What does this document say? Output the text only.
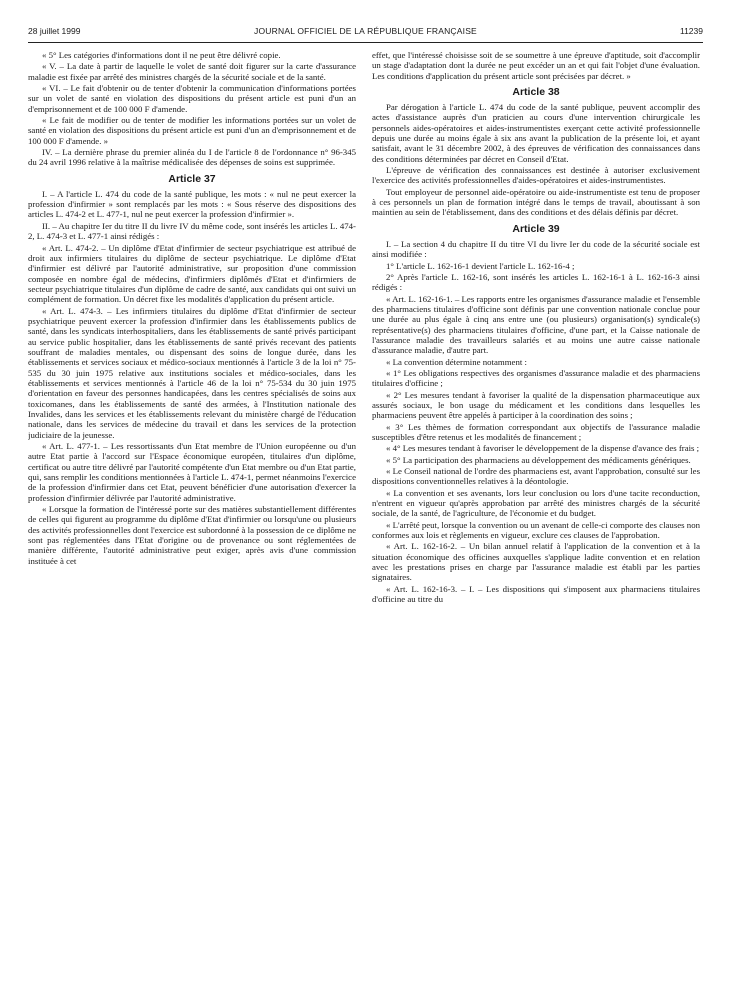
28 juillet 1999	JOURNAL OFFICIEL DE LA RÉPUBLIQUE FRANÇAISE	11239

« 5° Les catégories d'informations dont il ne peut être délivré copie.

« V. – La date à partir de laquelle le volet de santé doit figurer sur la carte d'assurance maladie est fixée par arrêté des ministres chargés de la sécurité sociale et de la santé.

« VI. – Le fait d'obtenir ou de tenter d'obtenir la communication d'informations portées sur un volet de santé en violation des dispositions du présent article est puni d'un an d'emprisonnement et de 100 000 F d'amende.

« Le fait de modifier ou de tenter de modifier les informations portées sur un volet de santé en violation des dispositions du présent article est puni d'un an d'emprisonnement et de 100 000 F d'amende. »

IV. – La dernière phrase du premier alinéa du I de l'article 8 de l'ordonnance n° 96-345 du 24 avril 1996 relative à la maîtrise médicalisée des dépenses de soins est supprimée.

Article 37

I. – A l'article L. 474 du code de la santé publique, les mots : « nul ne peut exercer la profession d'infirmier » sont remplacés par les mots : « Sous réserve des dispositions des articles L. 474-2 et L. 477-1, nul ne peut exercer la profession d'infirmier ».

II. – Au chapitre Ier du titre II du livre IV du même code, sont insérés les articles L. 474-2, L. 474-3 et L. 477-1 ainsi rédigés :

« Art. L. 474-2. – Un diplôme d'Etat d'infirmier de secteur psychiatrique est attribué de droit aux infirmiers titulaires du diplôme de secteur psychiatrique. Le diplôme d'Etat d'infirmier est délivré par l'autorité administrative, sur proposition d'une commission composée en nombre égal de médecins, d'infirmiers diplômés d'Etat et d'infirmiers de secteur psychiatrique titulaires d'un diplôme de cadre de santé, aux candidats qui ont suivi un complément de formation. Un décret fixe les modalités d'application du présent article.

« Art. L. 474-3. – Les infirmiers titulaires du diplôme d'Etat d'infirmier de secteur psychiatrique peuvent exercer la profession d'infirmier dans les établissements publics de santé, dans les syndicats interhospitaliers, dans les établissements de santé privés participant au service public hospitalier, dans les établissements de santé privés recevant des patients souffrant de maladies mentales, ou dispensant des soins de longue durée, dans les établissements et services sociaux et médico-sociaux mentionnés à l'article 3 de la loi n° 75-535 du 30 juin 1975 relative aux institutions sociales et médico-sociales, dans les établissements et services mentionnés à l'article 46 de la loi n° 75-534 du 30 juin 1975 d'orientation en faveur des personnes handicapées, dans les centres spécialisés de soins aux toxicomanes, dans les établissements de santé des armées, à l'Institution nationale des Invalides, dans les services et les établissements relevant du ministère chargé de l'éducation nationale, dans les services de médecine du travail et dans les services de la protection judiciaire de la jeunesse.

« Art. L. 477-1. – Les ressortissants d'un Etat membre de l'Union européenne ou d'un autre Etat partie à l'accord sur l'Espace économique européen, titulaires d'un diplôme, certificat ou autre titre délivré par l'autorité compétente d'un Etat membre ou d'un Etat partie, qui, sans remplir les conditions mentionnées à l'article L. 474-1, permet néanmoins l'exercice de la profession d'infirmier dans cet Etat, peuvent bénéficier d'une autorisation d'exercer la profession d'infirmier délivrée par l'autorité administrative.

« Lorsque la formation de l'intéressé porte sur des matières substantiellement différentes de celles qui figurent au programme du diplôme d'Etat d'infirmier ou lorsqu'une ou plusieurs des activités professionnelles dont l'exercice est subordonné à la possession de ce diplôme ne sont pas réglementées dans l'Etat d'origine ou de provenance ou sont réglementées de manière différente, l'autorité administrative peut exiger, après avis d'une commission instituée à cet

effet, que l'intéressé choisisse soit de se soumettre à une épreuve d'aptitude, soit d'accomplir un stage d'adaptation dont la durée ne peut excéder un an et qui fait l'objet d'une évaluation. Les conditions d'application du présent article sont précisées par décret. »

Article 38

Par dérogation à l'article L. 474 du code de la santé publique, peuvent accomplir des actes d'assistance auprès d'un praticien au cours d'une intervention chirurgicale les personnels aides-opératoires et aides-instrumentistes exerçant cette activité professionnelle depuis une durée au moins égale à six ans avant la publication de la présente loi, et ayant satisfait, avant le 31 décembre 2002, à des épreuves de vérification des connaissances dans des conditions déterminées par décret en Conseil d'Etat.

L'épreuve de vérification des connaissances est destinée à autoriser exclusivement l'exercice des activités professionnelles d'aides-opératoires et aides-instrumentistes.

Tout employeur de personnel aide-opératoire ou aide-instrumentiste est tenu de proposer à ces personnels un plan de formation intégré dans le temps de travail, aboutissant à son maintien au sein de l'établissement, dans des conditions et des délais définis par décret.

Article 39

I. – La section 4 du chapitre II du titre VI du livre Ier du code de la sécurité sociale est ainsi modifiée :

1° L'article L. 162-16-1 devient l'article L. 162-16-4 ;

2° Après l'article L. 162-16, sont insérés les articles L. 162-16-1 à L. 162-16-3 ainsi rédigés :

« Art. L. 162-16-1. – Les rapports entre les organismes d'assurance maladie et l'ensemble des pharmaciens titulaires d'officine sont définis par une convention nationale conclue pour une durée au plus égale à cinq ans entre une (ou plusieurs) organisation(s) syndicale(s) représentative(s) des pharmaciens titulaires d'officine, d'une part, et la Caisse nationale de l'assurance maladie des travailleurs salariés et au moins une autre caisse nationale d'assurance maladie, d'autre part.

« La convention détermine notamment :

« 1° Les obligations respectives des organismes d'assurance maladie et des pharmaciens titulaires d'officine ;

« 2° Les mesures tendant à favoriser la qualité de la dispensation pharmaceutique aux assurés sociaux, le bon usage du médicament et les conditions dans lesquelles les pharmaciens peuvent être appelés à participer à la coordination des soins ;

« 3° Les thèmes de formation correspondant aux objectifs de l'assurance maladie susceptibles d'être retenus et les modalités de financement ;

« 4° Les mesures tendant à favoriser le développement de la dispense d'avance des frais ;

« 5° La participation des pharmaciens au développement des médicaments génériques.

« Le Conseil national de l'ordre des pharmaciens est, avant l'approbation, consulté sur les dispositions conventionnelles relatives à la déontologie.

« La convention et ses avenants, lors leur conclusion ou lors d'une tacite reconduction, n'entrent en vigueur qu'après approbation par arrêté des ministres chargés de la sécurité sociale, de la santé, de l'agriculture, de l'économie et du budget.

« L'arrêté peut, lorsque la convention ou un avenant de celle-ci comporte des clauses non conformes aux lois et règlements en vigueur, exclure ces clauses de l'approbation.

« Art. L. 162-16-2. – Un bilan annuel relatif à l'application de la convention et à la situation économique des officines auxquelles s'applique ladite convention et en relation avec les prestations prises en charge par l'assurance maladie est établi par les parties signataires.

« Art. L. 162-16-3. – I. – Les dispositions qui s'imposent aux pharmaciens titulaires d'officine au titre du
